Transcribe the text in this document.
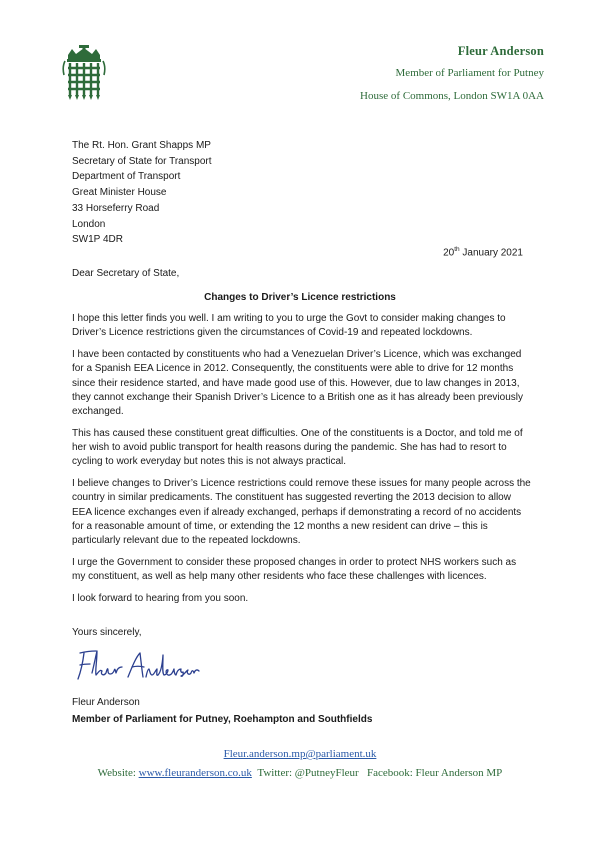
Fleur Anderson
Member of Parliament for Putney
House of Commons, London SW1A 0AA
The Rt. Hon. Grant Shapps MP
Secretary of State for Transport
Department of Transport
Great Minister House
33 Horseferry Road
London
SW1P 4DR
20th January 2021
Dear Secretary of State,
Changes to Driver’s Licence restrictions

I hope this letter finds you well. I am writing to you to urge the Govt to consider making changes to Driver’s Licence restrictions given the circumstances of Covid-19 and repeated lockdowns.

I have been contacted by constituents who had a Venezuelan Driver’s Licence, which was exchanged for a Spanish EEA Licence in 2012. Consequently, the constituents were able to drive for 12 months since their residence started, and have made good use of this. However, due to law changes in 2013, they cannot exchange their Spanish Driver’s Licence to a British one as it has already been previously exchanged.

This has caused these constituent great difficulties. One of the constituents is a Doctor, and told me of her wish to avoid public transport for health reasons during the pandemic. She has had to resort to cycling to work everyday but notes this is not always practical.

I believe changes to Driver’s Licence restrictions could remove these issues for many people across the country in similar predicaments. The constituent has suggested reverting the 2013 decision to allow EEA licence exchanges even if already exchanged, perhaps if demonstrating a record of no accidents for a reasonable amount of time, or extending the 12 months a new resident can drive – this is particularly relevant due to the repeated lockdowns.

I urge the Government to consider these proposed changes in order to protect NHS workers such as my constituent, as well as help many other residents who face these challenges with licences.

I look forward to hearing from you soon.

Yours sincerely,
Fleur Anderson
Member of Parliament for Putney, Roehampton and Southfields
Fleur.anderson.mp@parliament.uk
Website: www.fleuranderson.co.uk Twitter: @PutneyFleur Facebook: Fleur Anderson MP
